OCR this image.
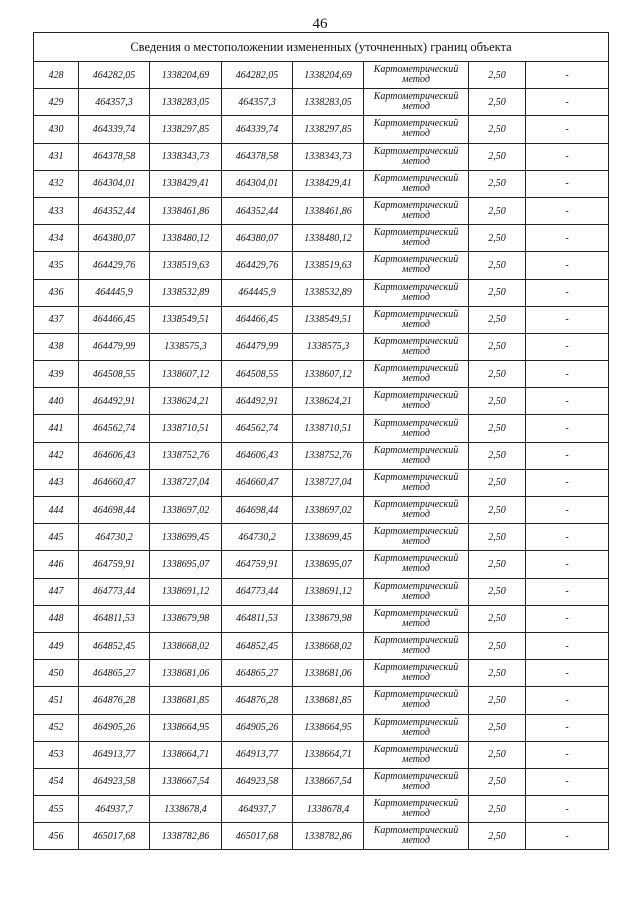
46
Сведения о местоположении измененных (уточненных) границ объекта							
428	464282,05	1338204,69	464282,05	1338204,69	Картометрический метод	2,50	-
429	464357,3	1338283,05	464357,3	1338283,05	Картометрический метод	2,50	-
430	464339,74	1338297,85	464339,74	1338297,85	Картометрический метод	2,50	-
431	464378,58	1338343,73	464378,58	1338343,73	Картометрический метод	2,50	-
432	464304,01	1338429,41	464304,01	1338429,41	Картометрический метод	2,50	-
433	464352,44	1338461,86	464352,44	1338461,86	Картометрический метод	2,50	-
434	464380,07	1338480,12	464380,07	1338480,12	Картометрический метод	2,50	-
435	464429,76	1338519,63	464429,76	1338519,63	Картометрический метод	2,50	-
436	464445,9	1338532,89	464445,9	1338532,89	Картометрический метод	2,50	-
437	464466,45	1338549,51	464466,45	1338549,51	Картометрический метод	2,50	-
438	464479,99	1338575,3	464479,99	1338575,3	Картометрический метод	2,50	-
439	464508,55	1338607,12	464508,55	1338607,12	Картометрический метод	2,50	-
440	464492,91	1338624,21	464492,91	1338624,21	Картометрический метод	2,50	-
441	464562,74	1338710,51	464562,74	1338710,51	Картометрический метод	2,50	-
442	464606,43	1338752,76	464606,43	1338752,76	Картометрический метод	2,50	-
443	464660,47	1338727,04	464660,47	1338727,04	Картометрический метод	2,50	-
444	464698,44	1338697,02	464698,44	1338697,02	Картометрический метод	2,50	-
445	464730,2	1338699,45	464730,2	1338699,45	Картометрический метод	2,50	-
446	464759,91	1338695,07	464759,91	1338695,07	Картометрический метод	2,50	-
447	464773,44	1338691,12	464773,44	1338691,12	Картометрический метод	2,50	-
448	464811,53	1338679,98	464811,53	1338679,98	Картометрический метод	2,50	-
449	464852,45	1338668,02	464852,45	1338668,02	Картометрический метод	2,50	-
450	464865,27	1338681,06	464865,27	1338681,06	Картометрический метод	2,50	-
451	464876,28	1338681,85	464876,28	1338681,85	Картометрический метод	2,50	-
452	464905,26	1338664,95	464905,26	1338664,95	Картометрический метод	2,50	-
453	464913,77	1338664,71	464913,77	1338664,71	Картометрический метод	2,50	-
454	464923,58	1338667,54	464923,58	1338667,54	Картометрический метод	2,50	-
455	464937,7	1338678,4	464937,7	1338678,4	Картометрический метод	2,50	-
456	465017,68	1338782,86	465017,68	1338782,86	Картометрический метод	2,50	-
